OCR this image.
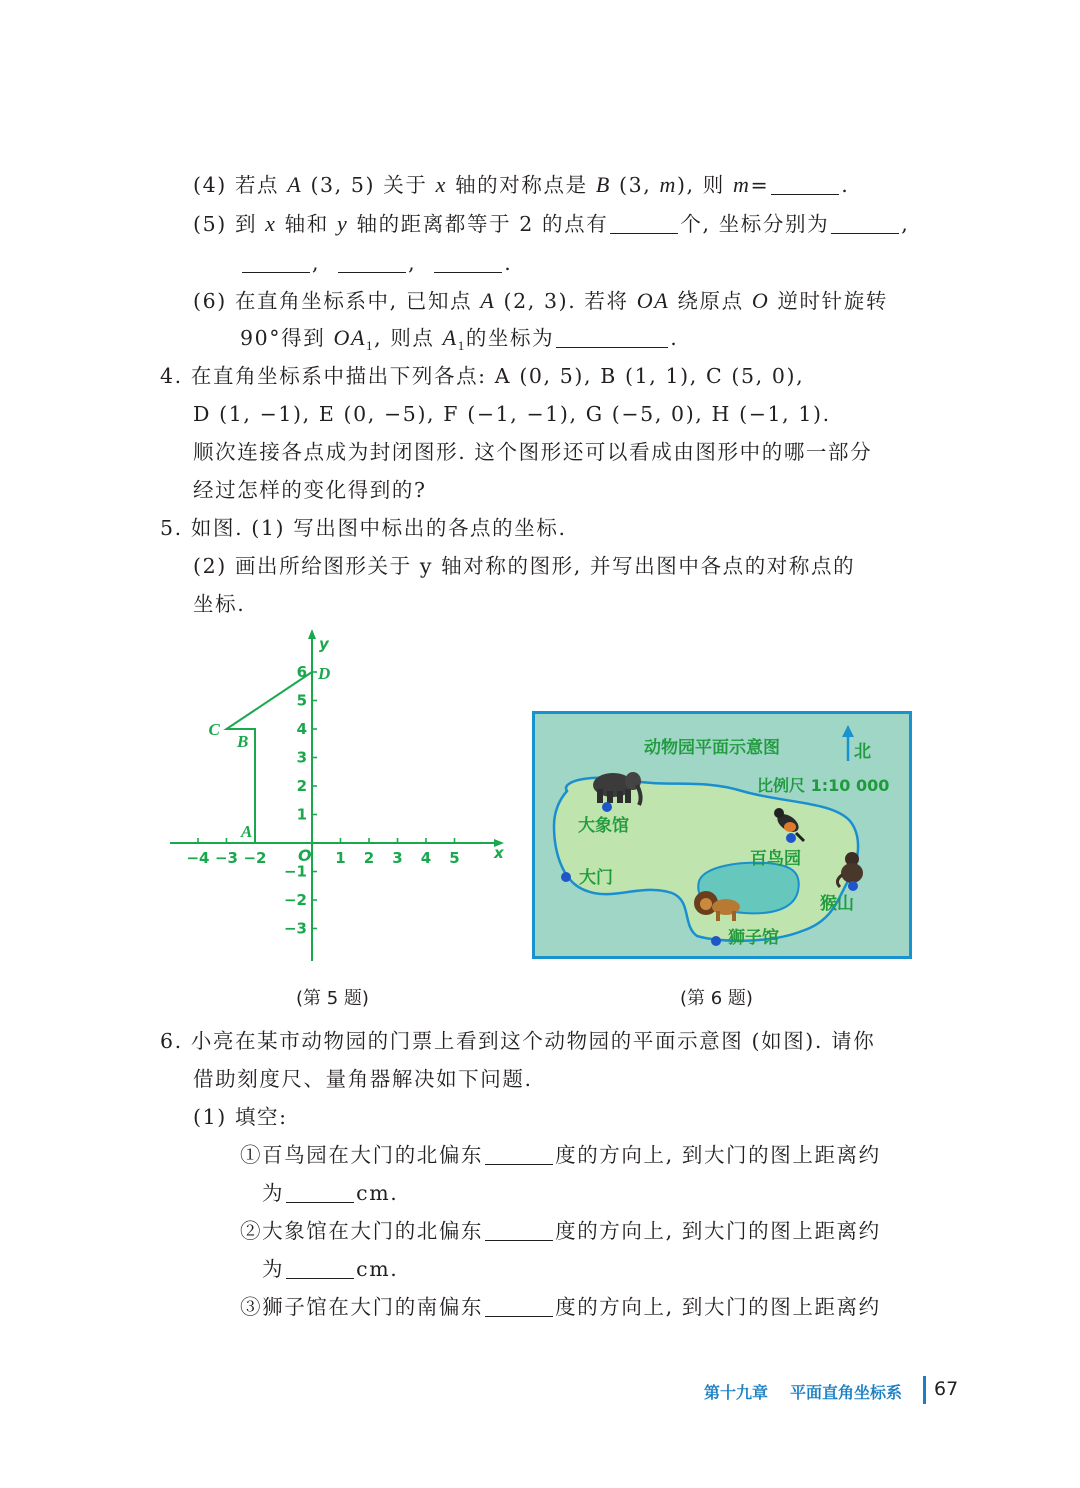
(4) 若点 A (3, 5) 关于 x 轴的对称点是 B (3, m), 则 m=	.
(5) 到 x 轴和 y 轴的距离都等于 2 的点有	个, 坐标分别为	,
,	,	.
(6) 在直角坐标系中, 已知点 A (2, 3). 若将 OA 绕原点 O 逆时针旋转
90°得到 $OA_1$, 则点 $A_1$的坐标为	.
4. 在直角坐标系中描出下列各点: A (0, 5), B (1, 1), C (5, 0),
D (1, −1), E (0, −5), F (−1, −1), G (−5, 0), H (−1, 1).
顺次连接各点成为封闭图形. 这个图形还可以看成由图形中的哪一部分
经过怎样的变化得到的?
5. 如图. (1) 写出图中标出的各点的坐标.
(2) 画出所给图形关于 y 轴对称的图形, 并写出图中各点的对称点的
坐标.
−4 −3 −2	1 2 3 4 5
6
5
4
3
2
1
−1
−2
−3
x
y
O
A
B
C
D
动物园平面示意图	北
比例尺 1:10 000
大象馆
大门
百鸟园
猴山
狮子馆
(第 5 题)	(第 6 题)
6. 小亮在某市动物园的门票上看到这个动物园的平面示意图 (如图). 请你
借助刻度尺、量角器解决如下问题.
(1) 填空:
①百鸟园在大门的北偏东	度的方向上, 到大门的图上距离约
为	cm.
②大象馆在大门的北偏东	度的方向上, 到大门的图上距离约
为	cm.
③狮子馆在大门的南偏东	度的方向上, 到大门的图上距离约
第十九章 平面直角坐标系 67
